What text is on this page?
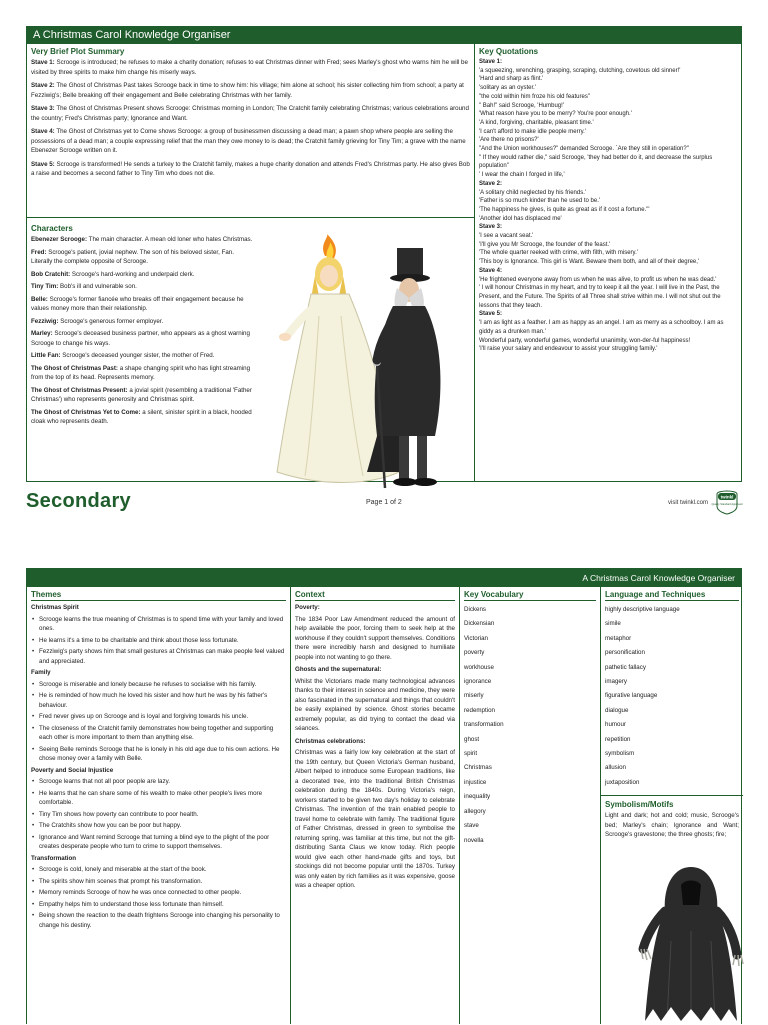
A Christmas Carol Knowledge Organiser
Very Brief Plot Summary

Stave 1: Scrooge is introduced; he refuses to make a charity donation; refuses to eat Christmas dinner with Fred; sees Marley's ghost who warns him he will be visited by three spirits to make him change his miserly ways.

Stave 2: The Ghost of Christmas Past takes Scrooge back in time to show him: his village; him alone at school; his sister collecting him from school; a party at Fezziwig's; Belle breaking off their engagement and Belle celebrating Christmas with her family.

Stave 3: The Ghost of Christmas Present shows Scrooge: Christmas morning in London; The Cratchit family celebrating Christmas; various celebrations around the country; Fred's Christmas party; Ignorance and Want.

Stave 4: The Ghost of Christmas yet to Come shows Scrooge: a group of businessmen discussing a dead man; a pawn shop where people are selling the possessions of a dead man; a couple expressing relief that the man they owe money to is dead; the Cratchit family grieving for Tiny Tim; a grave with the name Ebenezer Scrooge written on it.

Stave 5: Scrooge is transformed! He sends a turkey to the Cratchit family, makes a huge charity donation and attends Fred's Christmas party. He also gives Bob a raise and becomes a second father to Tiny Tim who does not die.

Characters

Ebenezer Scrooge: The main character. A mean old loner who hates Christmas.

Fred: Scrooge's patient, jovial nephew. The son of his beloved sister, Fan. Literally the complete opposite of Scrooge.

Bob Cratchit: Scrooge's hard-working and underpaid clerk.

Tiny Tim: Bob's ill and vulnerable son.

Belle: Scrooge's former fiancée who breaks off their engagement because he values money more than their relationship.

Fezziwig: Scrooge's generous former employer.

Marley: Scrooge's deceased business partner, who appears as a ghost warning Scrooge to change his ways.

Little Fan: Scrooge's deceased younger sister, the mother of Fred.

The Ghost of Christmas Past: a shape changing spirit who has light streaming from the top of its head. Represents memory.

The Ghost of Christmas Present: a jovial spirit (resembling a traditional 'Father Christmas') who represents generosity and Christmas spirit.

The Ghost of Christmas Yet to Come: a silent, sinister spirit in a black, hooded cloak who represents death.

Key Quotations

Stave 1:

'a squeezing, wrenching, grasping, scraping, clutching, covetous old sinner!'

'Hard and sharp as flint.'

'solitary as an oyster.'

"the cold within him froze his old features"

" Bah!" said Scrooge, 'Humbug!'

'What reason have you to be merry? You're poor enough.'

'A kind, forgiving, charitable, pleasant time.'

'I can't afford to make idle people merry.'

'Are there no prisons?'

"And the Union workhouses?" demanded Scrooge. `Are they still in operation?"

" If they would rather die," said Scrooge, 'they had better do it, and decrease the surplus population"

' I wear the chain I forged in life,'

Stave 2:

'A solitary child neglected by his friends.'

'Father is so much kinder than he used to be.'

'The happiness he gives, is quite as great as if it cost a fortune."'

'Another idol has displaced me'

Stave 3:

'I see a vacant seat.'

'I'll give you Mr Scrooge, the founder of the feast.'

'The whole quarter reeked with crime, with filth, with misery.'

'This boy is Ignorance. This girl is Want. Beware them both, and all of their degree,'

Stave 4:

'He frightened everyone away from us when he was alive, to profit us when he was dead.'

' I will honour Christmas in my heart, and try to keep it all the year. I will live in the Past, the Present, and the Future. The Spirits of all Three shall strive within me. I will not shut out the lessons that they teach.

Stave 5:

'I am as light as a feather. I am as happy as an angel. I am as merry as a schoolboy. I am as giddy as a drunken man.'

Wonderful party, wonderful games, wonderful unanimity, won-der-ful happiness!

'I'll raise your salary and endeavour to assist your struggling family.'

Secondary	Page 1 of 2	visit twinkl.com
twinkl
Quality Standard Approved
A Christmas Carol Knowledge Organiser
Themes
Christmas Spirit
• Scrooge learns the true meaning of Christmas is to spend time with your family and loved ones.
• He learns it's a time to be charitable and think about those less fortunate.
• Fezziwig's party shows him that small gestures at Christmas can make people feel valued and appreciated.
Family
• Scrooge is miserable and lonely because he refuses to socialise with his family.
• He is reminded of how much he loved his sister and how hurt he was by his father's behaviour.
• Fred never gives up on Scrooge and is loyal and forgiving towards his uncle.
• The closeness of the Cratchit family demonstrates how being together and supporting each other is more important to them than anything else.
• Seeing Belle reminds Scrooge that he is lonely in his old age due to his own actions. He chose money over a family with Belle.
Poverty and Social Injustice
• Scrooge learns that not all poor people are lazy.
• He learns that he can share some of his wealth to make other people's lives more comfortable.
• Tiny Tim shows how poverty can contribute to poor health.
• The Cratchits show how you can be poor but happy.
• Ignorance and Want remind Scrooge that turning a blind eye to the plight of the poor creates desperate people who turn to crime to support themselves.
Transformation
• Scrooge is cold, lonely and miserable at the start of the book.
• The spirits show him scenes that prompt his transformation.
• Memory reminds Scrooge of how he was once connected to other people.
• Empathy helps him to understand those less fortunate than himself.
• Being shown the reaction to the death frightens Scrooge into changing his personality to change his destiny.
Context
Poverty:

The 1834 Poor Law Amendment reduced the amount of help available the poor, forcing them to seek help at the workhouse if they couldn't support themselves. Conditions there were incredibly harsh and designed to humiliate people into not wanting to go there.

Ghosts and the supernatural:

Whilst the Victorians made many technological advances thanks to their interest in science and medicine, they were also fascinated in the supernatural and things that couldn't be easily explained by science. Ghost stories became extremely popular, as did trying to contact the dead via séances.

Christmas celebrations:

Christmas was a fairly low key celebration at the start of the 19th century, but Queen Victoria's German husband, Albert helped to introduce some European traditions, like a decorated tree, into the traditional British Christmas celebration during the 1840s. During Victoria's reign, workers started to be given two day's holiday to celebrate Christmas. The invention of the train enabled people to travel home to celebrate with family. The traditional figure of Father Christmas, dressed in green to symbolise the returning spring, was familiar at this time, but not the gift-distributing Santa Claus we know today. Rich people would give each other hand-made gifts and toys, but stockings did not become popular until the 1870s. Turkey was only eaten by rich families as it was expensive, goose was a cheaper option.

Key Vocabulary
Dickens
Dickensian
Victorian
poverty
workhouse
ignorance
miserly
redemption
transformation
ghost
spirit
Christmas
injustice
inequality
allegory
stave
novella
Language and Techniques
highly descriptive language
simile
metaphor
personification
pathetic fallacy
imagery
figurative language
dialogue
humour
repetition
symbolism
allusion
juxtaposition
Symbolism/Motifs
Light and dark; hot and cold; music, Scrooge's bed; Marley's chain; Ignorance and Want; Scrooge's gravestone; the three ghosts; fire;
